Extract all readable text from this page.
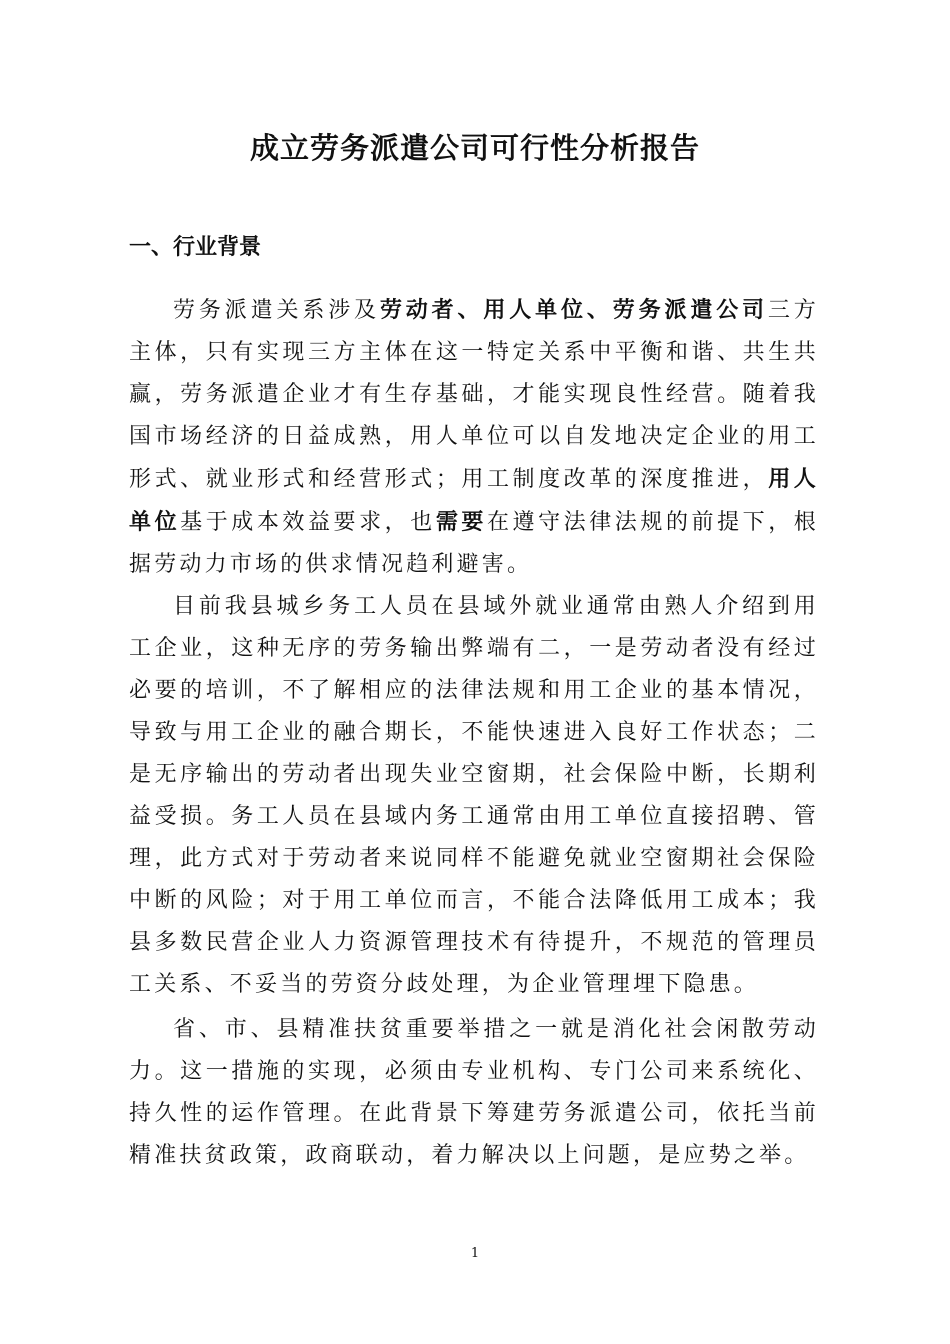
成立劳务派遣公司可行性分析报告
一、行业背景

劳务派遣关系涉及劳动者、用人单位、劳务派遣公司三方主体，只有实现三方主体在这一特定关系中平衡和谐、共生共赢，劳务派遣企业才有生存基础，才能实现良性经营。随着我国市场经济的日益成熟，用人单位可以自发地决定企业的用工形式、就业形式和经营形式；用工制度改革的深度推进，用人单位基于成本效益要求，也需要在遵守法律法规的前提下，根据劳动力市场的供求情况趋利避害。

目前我县城乡务工人员在县域外就业通常由熟人介绍到用工企业，这种无序的劳务输出弊端有二，一是劳动者没有经过必要的培训，不了解相应的法律法规和用工企业的基本情况，导致与用工企业的融合期长，不能快速进入良好工作状态；二是无序输出的劳动者出现失业空窗期，社会保险中断，长期利益受损。务工人员在县域内务工通常由用工单位直接招聘、管理，此方式对于劳动者来说同样不能避免就业空窗期社会保险中断的风险；对于用工单位而言，不能合法降低用工成本；我县多数民营企业人力资源管理技术有待提升，不规范的管理员工关系、不妥当的劳资分歧处理，为企业管理埋下隐患。

省、市、县精准扶贫重要举措之一就是消化社会闲散劳动力。这一措施的实现，必须由专业机构、专门公司来系统化、持久性的运作管理。在此背景下筹建劳务派遣公司，依托当前精准扶贫政策，政商联动，着力解决以上问题，是应势之举。

1
